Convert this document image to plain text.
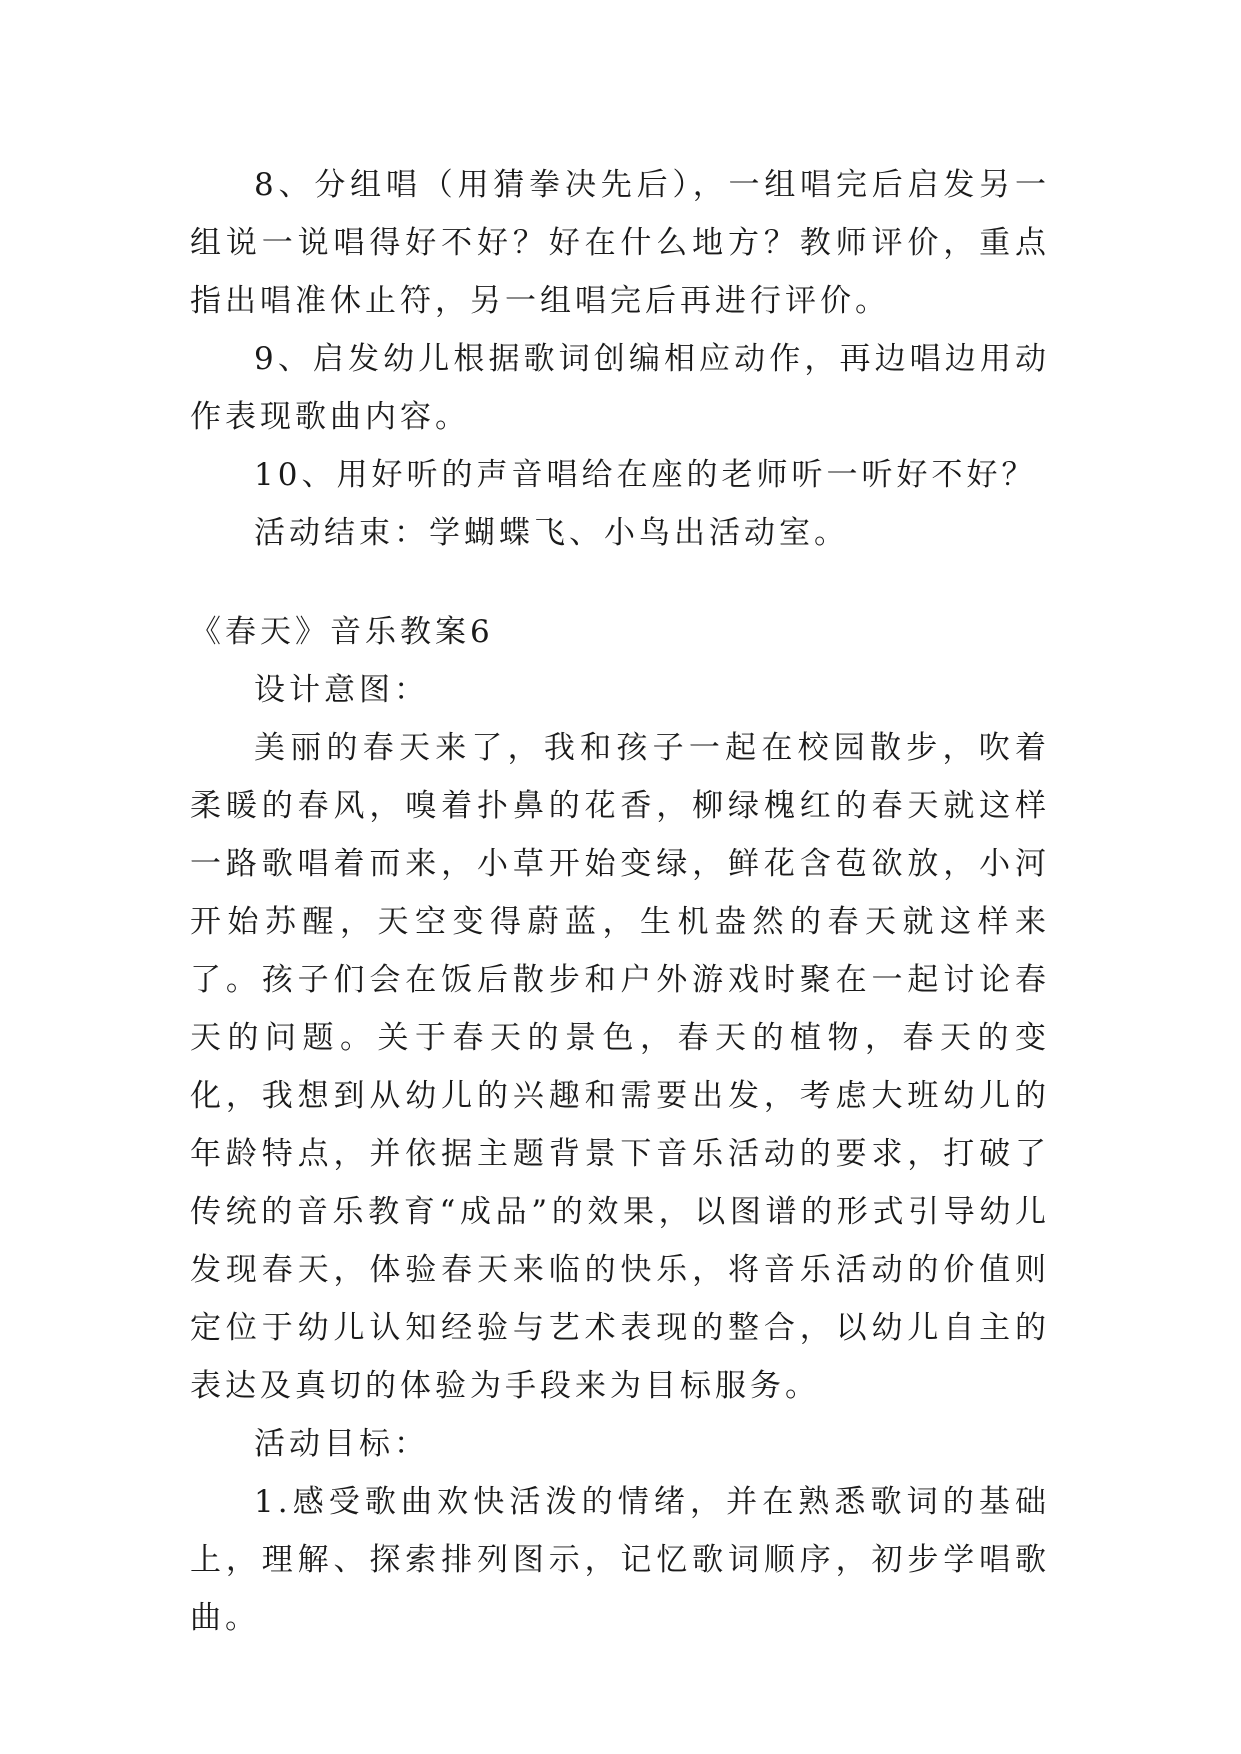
8、分组唱（用猜拳决先后），一组唱完后启发另一组说一说唱得好不好？好在什么地方？教师评价，重点指出唱准休止符，另一组唱完后再进行评价。

9、启发幼儿根据歌词创编相应动作，再边唱边用动作表现歌曲内容。

10、用好听的声音唱给在座的老师听一听好不好？

活动结束：学蝴蝶飞、小鸟出活动室。

《春天》音乐教案6

设计意图：

美丽的春天来了，我和孩子一起在校园散步，吹着柔暖的春风，嗅着扑鼻的花香，柳绿槐红的春天就这样一路歌唱着而来，小草开始变绿，鲜花含苞欲放，小河开始苏醒，天空变得蔚蓝，生机盎然的春天就这样来了。孩子们会在饭后散步和户外游戏时聚在一起讨论春天的问题。关于春天的景色，春天的植物，春天的变化，我想到从幼儿的兴趣和需要出发，考虑大班幼儿的年龄特点，并依据主题背景下音乐活动的要求，打破了传统的音乐教育“成品”的效果，以图谱的形式引导幼儿发现春天，体验春天来临的快乐，将音乐活动的价值则定位于幼儿认知经验与艺术表现的整合，以幼儿自主的表达及真切的体验为手段来为目标服务。

活动目标：

1.感受歌曲欢快活泼的情绪，并在熟悉歌词的基础上，理解、探索排列图示，记忆歌词顺序，初步学唱歌曲。
